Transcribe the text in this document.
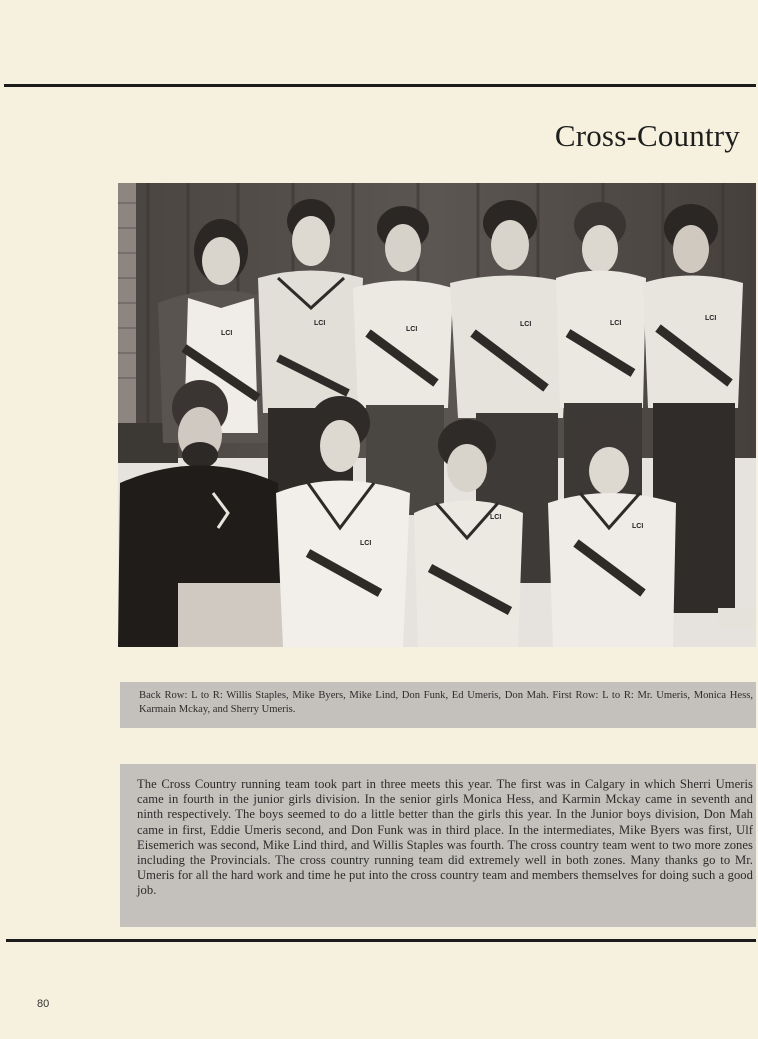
Cross-Country
LCI
LCI
LCI
LCI	LCI
LCI
LCI
LCI
LCI
Back Row: L to R: Willis Staples, Mike Byers, Mike Lind, Don Funk, Ed Umeris, Don Mah. First Row: L to R: Mr. Umeris, Monica Hess, Karmain Mckay, and Sherry Umeris.
The Cross Country running team took part in three meets this year. The first was in Calgary in which Sherri Umeris came in fourth in the junior girls division. In the senior girls Monica Hess, and Karmin Mckay came in seventh and ninth respectively. The boys seemed to do a little better than the girls this year. In the Junior boys division, Don Mah came in first, Eddie Umeris second, and Don Funk was in third place. In the intermediates, Mike Byers was first, Ulf Eisemerich was second, Mike Lind third, and Willis Staples was fourth. The cross country team went to two more zones including the Provincials. The cross country running team did extremely well in both zones. Many thanks go to Mr. Umeris for all the hard work and time he put into the cross country team and members themselves for doing such a good job.
80
